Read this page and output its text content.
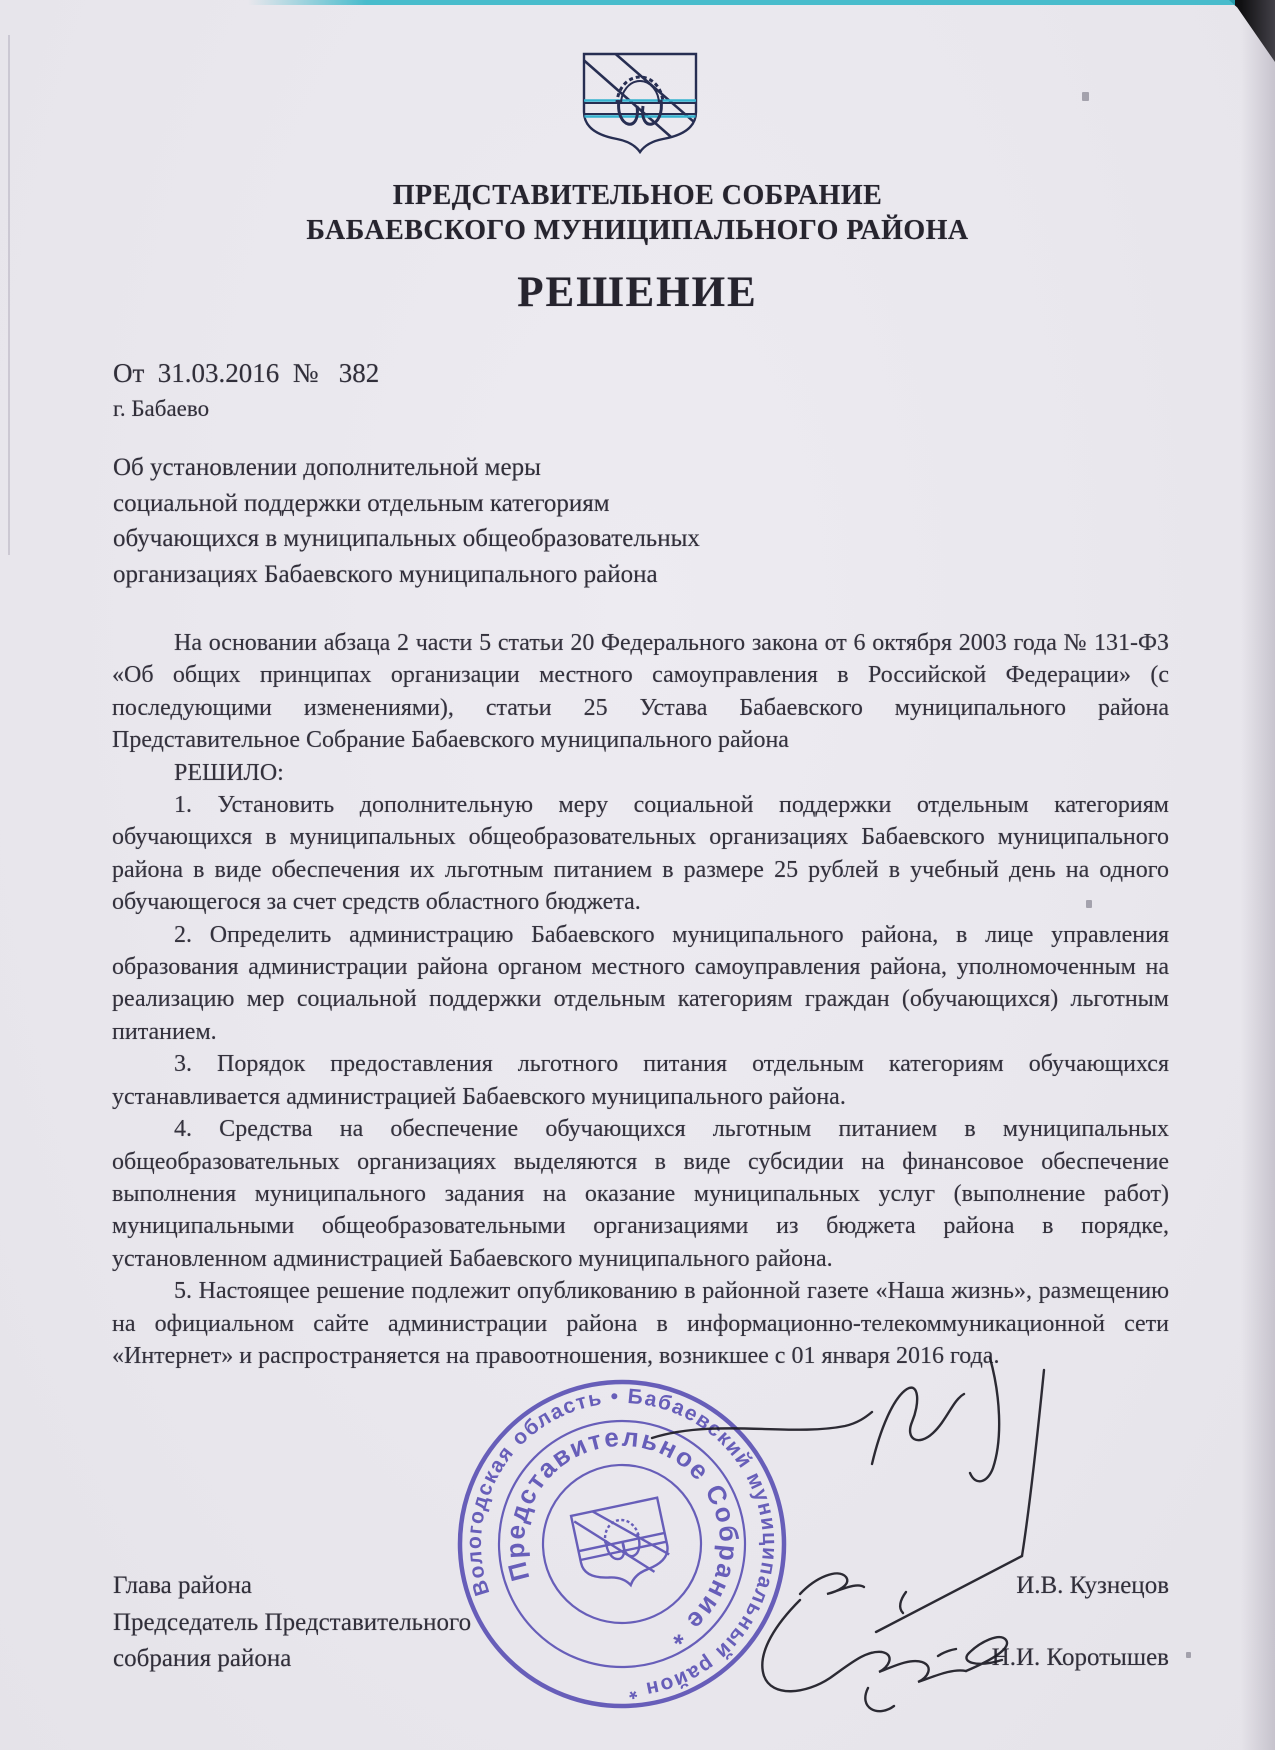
ПРЕДСТАВИТЕЛЬНОЕ СОБРАНИЕ
БАБАЕВСКОГО МУНИЦИПАЛЬНОГО РАЙОНА
РЕШЕНИЕ
От  31.03.2016  №   382
г. Бабаево
Об установлении дополнительной меры
социальной поддержки отдельным категориям
обучающихся в муниципальных общеобразовательных
организациях Бабаевского муниципального района

На основании абзаца 2 части 5 статьи 20 Федерального закона от 6 октября 2003 года № 131-ФЗ «Об общих принципах организации местного самоуправления в Российской Федерации» (с последующими изменениями), статьи 25 Устава Бабаевского муниципального района Представительное Собрание Бабаевского муниципального района

РЕШИЛО:

1. Установить дополнительную меру социальной поддержки отдельным категориям обучающихся в муниципальных общеобразовательных организациях Бабаевского муниципального района в виде обеспечения их льготным питанием в размере 25 рублей в учебный день на одного обучающегося за счет средств областного бюджета.

2. Определить администрацию Бабаевского муниципального района, в лице управления образования администрации района органом местного самоуправления района, уполномоченным на реализацию мер социальной поддержки отдельным категориям граждан (обучающихся) льготным питанием.

3. Порядок предоставления льготного питания отдельным категориям обучающихся устанавливается администрацией Бабаевского муниципального района.

4. Средства на обеспечение обучающихся льготным питанием в муниципальных общеобразовательных организациях выделяются в виде субсидии на финансовое обеспечение выполнения муниципального задания на оказание муниципальных услуг (выполнение работ) муниципальными общеобразовательными организациями из бюджета района в порядке, установленном администрацией Бабаевского муниципального района.

5. Настоящее решение подлежит опубликованию в районной газете «Наша жизнь», размещению на официальном сайте администрации района в информационно-телекоммуникационной сети «Интернет» и распространяется на правоотношения, возникшее с 01 января 2016 года.

Глава района
Председатель Представительного
собрания района
И.В. Кузнецов
Н.И. Коротышев
Вологодская область • Бабаевский муниципальный район *
Представительное Собрание *
